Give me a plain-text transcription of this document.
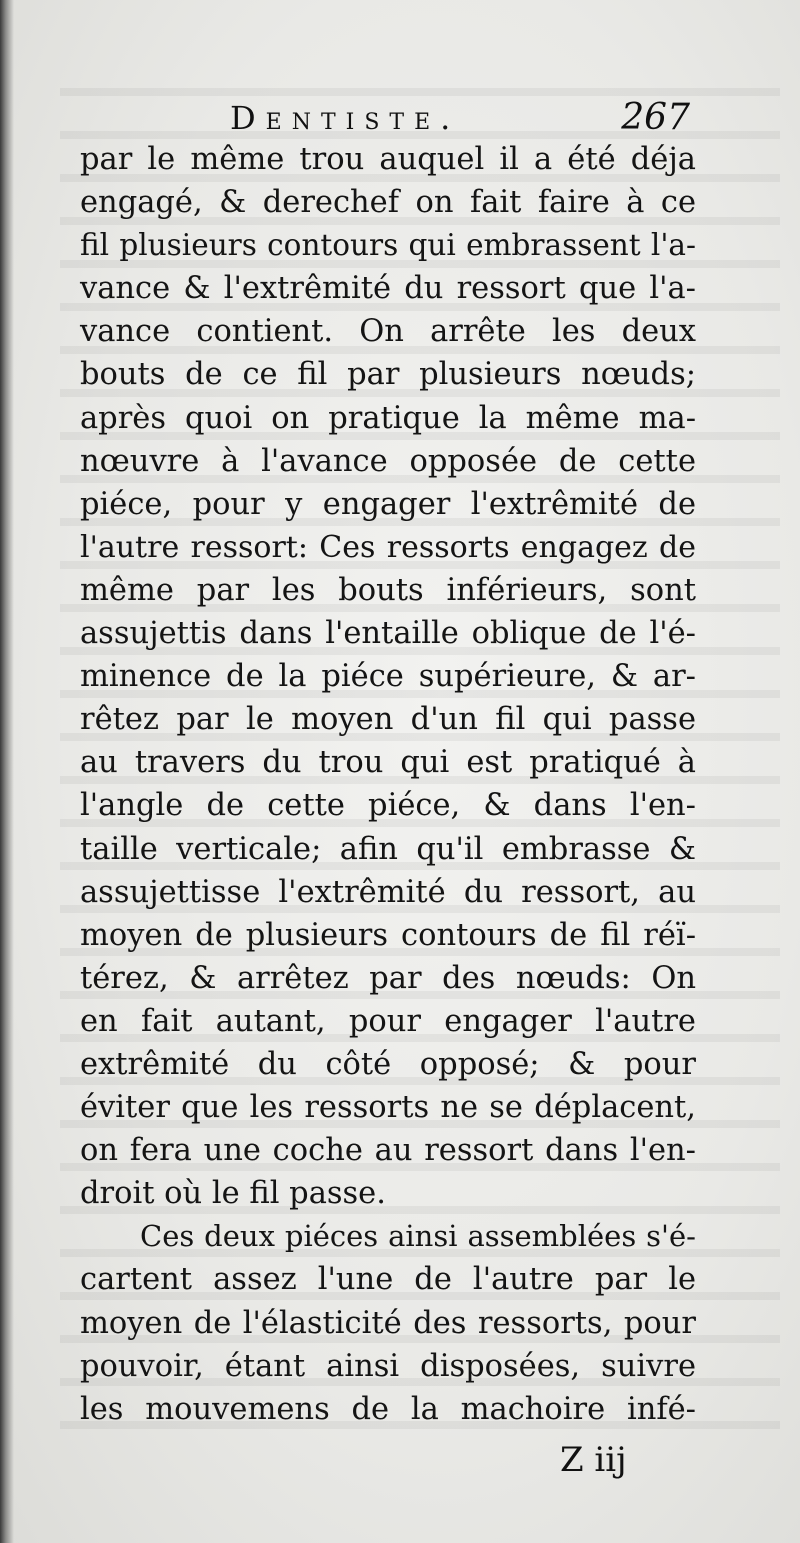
Dentiste.	267
par le même trou auquel il a été déja
engagé, & derechef on fait faire à ce
fil plusieurs contours qui embrassent l'a-
vance & l'extrêmité du ressort que l'a-
vance contient. On arrête les deux
bouts de ce fil par plusieurs nœuds;
après quoi on pratique la même ma-
nœuvre à l'avance opposée de cette
piéce, pour y engager l'extrêmité de
l'autre ressort: Ces ressorts engagez de
même par les bouts inférieurs, sont
assujettis dans l'entaille oblique de l'é-
minence de la piéce supérieure, & ar-
rêtez par le moyen d'un fil qui passe
au travers du trou qui est pratiqué à
l'angle de cette piéce, & dans l'en-
taille verticale; afin qu'il embrasse &
assujettisse l'extrêmité du ressort, au
moyen de plusieurs contours de fil réï-
térez, & arrêtez par des nœuds: On
en fait autant, pour engager l'autre
extrêmité du côté opposé; & pour
éviter que les ressorts ne se déplacent,
on fera une coche au ressort dans l'en-
droit où le fil passe.
Ces deux piéces ainsi assemblées s'é-
cartent assez l'une de l'autre par le
moyen de l'élasticité des ressorts, pour
pouvoir, étant ainsi disposées, suivre
les mouvemens de la machoire infé-
Z iij
